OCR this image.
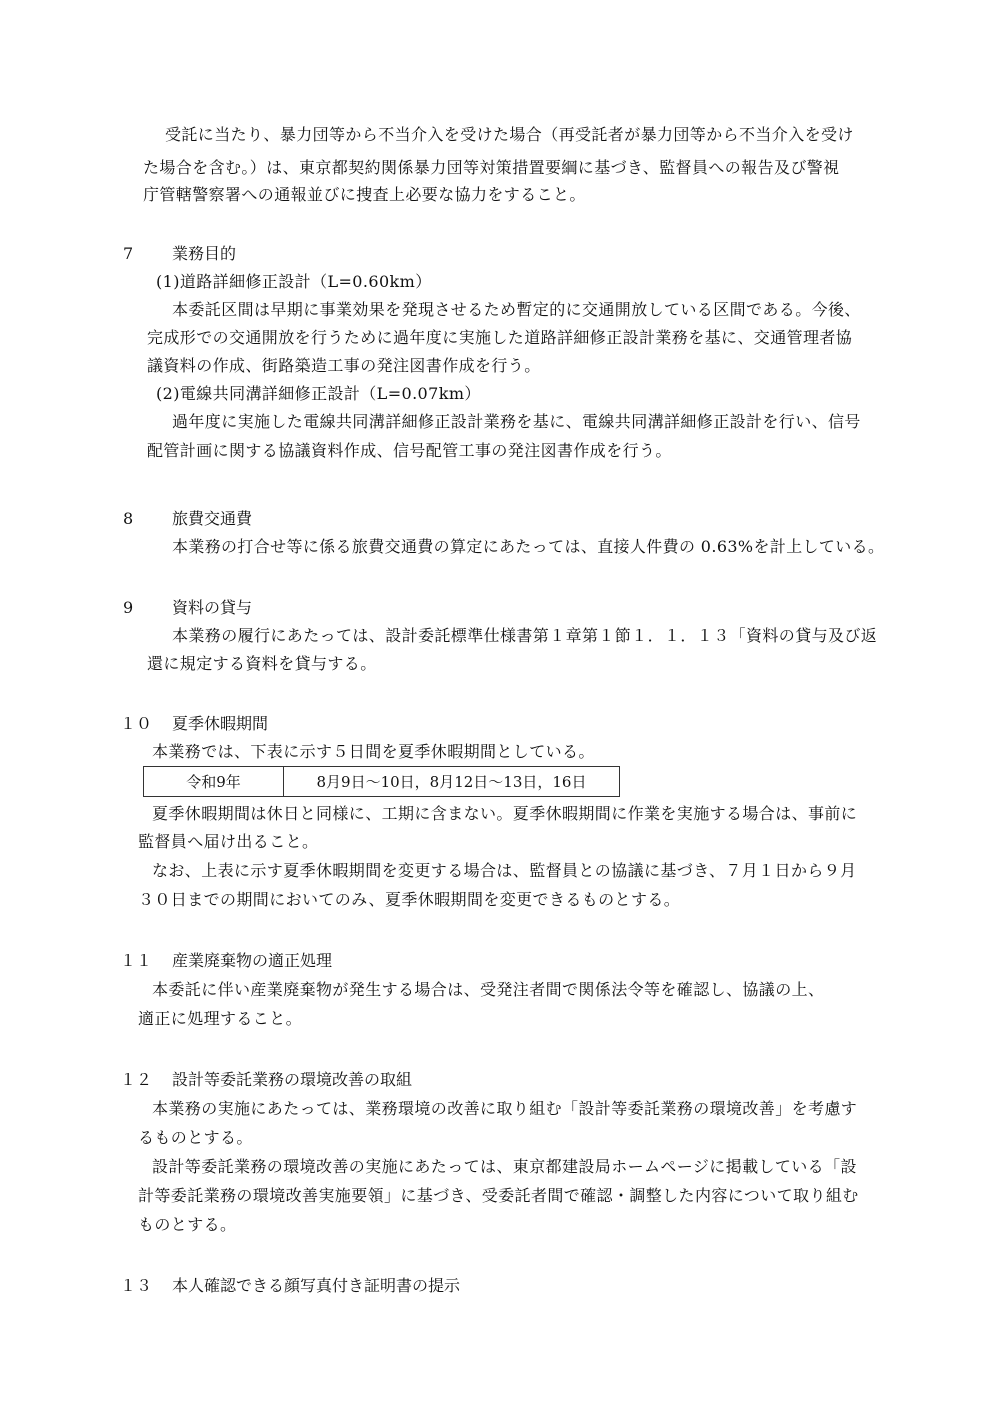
受託に当たり、暴力団等から不当介入を受けた場合（再受託者が暴力団等から不当介入を受け
た場合を含む。）は、東京都契約関係暴力団等対策措置要綱に基づき、監督員への報告及び警視
庁管轄警察署への通報並びに捜査上必要な協力をすること。
7 業務目的
(1)道路詳細修正設計（L=0.60km）
本委託区間は早期に事業効果を発現させるため暫定的に交通開放している区間である。今後、
完成形での交通開放を行うために過年度に実施した道路詳細修正設計業務を基に、交通管理者協
議資料の作成、街路築造工事の発注図書作成を行う。
(2)電線共同溝詳細修正設計（L=0.07km）
過年度に実施した電線共同溝詳細修正設計業務を基に、電線共同溝詳細修正設計を行い、信号
配管計画に関する協議資料作成、信号配管工事の発注図書作成を行う。
8 旅費交通費
本業務の打合せ等に係る旅費交通費の算定にあたっては、直接人件費の 0.63%を計上している。
9 資料の貸与
本業務の履行にあたっては、設計委託標準仕様書第１章第１節１．１．１３「資料の貸与及び返
還に規定する資料を貸与する。
１０ 夏季休暇期間
本業務では、下表に示す５日間を夏季休暇期間としている。
令和9年	8月9日～10日，8月12日～13日，16日
夏季休暇期間は休日と同様に、工期に含まない。夏季休暇期間に作業を実施する場合は、事前に
監督員へ届け出ること。
なお、上表に示す夏季休暇期間を変更する場合は、監督員との協議に基づき、７月１日から９月
３０日までの期間においてのみ、夏季休暇期間を変更できるものとする。
１１ 産業廃棄物の適正処理
本委託に伴い産業廃棄物が発生する場合は、受発注者間で関係法令等を確認し、協議の上、
適正に処理すること。
１２ 設計等委託業務の環境改善の取組
本業務の実施にあたっては、業務環境の改善に取り組む「設計等委託業務の環境改善」を考慮す
るものとする。
設計等委託業務の環境改善の実施にあたっては、東京都建設局ホームページに掲載している「設
計等委託業務の環境改善実施要領」に基づき、受委託者間で確認・調整した内容について取り組む
ものとする。
１３ 本人確認できる顔写真付き証明書の提示
